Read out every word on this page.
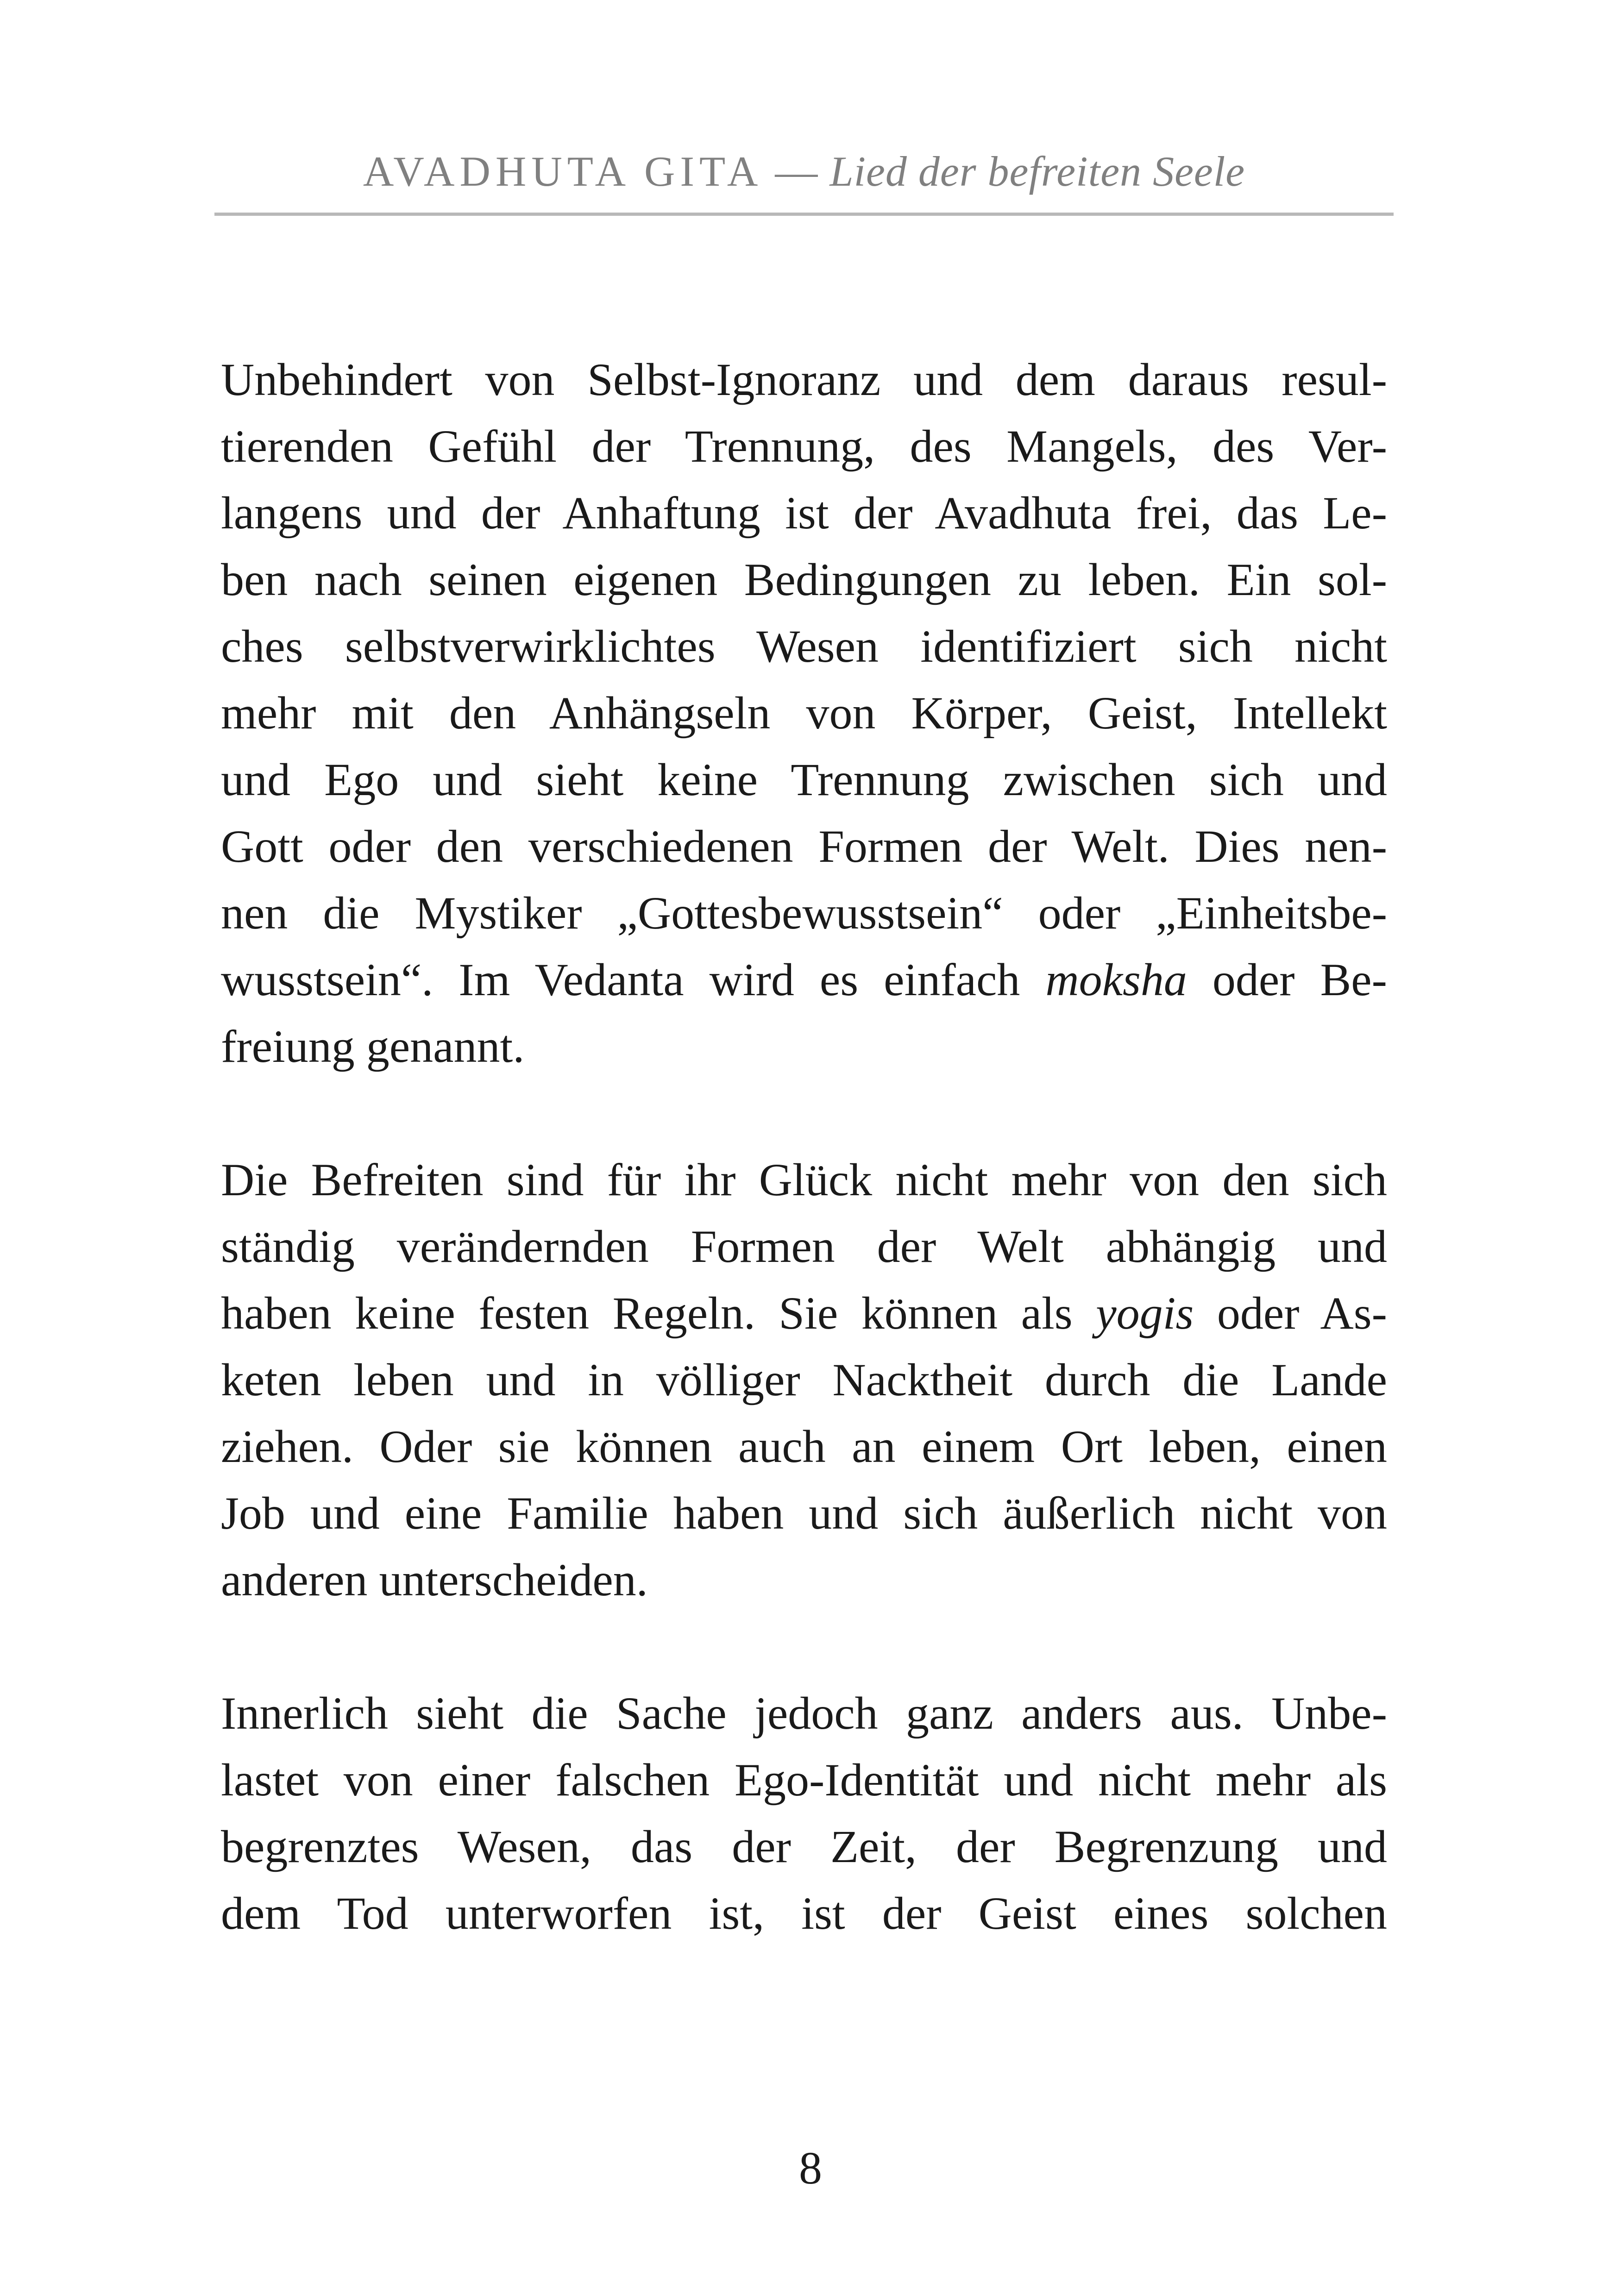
AVADHUTA GITA — Lied der befreiten Seele
Unbehindert von Selbst-Ignoranz und dem daraus resul-
tierenden Gefühl der Trennung, des Mangels, des Ver-
langens und der Anhaftung ist der Avadhuta frei, das Le-
ben nach seinen eigenen Bedingungen zu leben. Ein sol-
ches selbstverwirklichtes Wesen identifiziert sich nicht
mehr mit den Anhängseln von Körper, Geist, Intellekt
und Ego und sieht keine Trennung zwischen sich und
Gott oder den verschiedenen Formen der Welt. Dies nen-
nen die Mystiker „Gottesbewusstsein“ oder „Einheitsbe-
wusstsein“. Im Vedanta wird es einfach moksha oder Be-
freiung genannt.
Die Befreiten sind für ihr Glück nicht mehr von den sich
ständig verändernden Formen der Welt abhängig und
haben keine festen Regeln. Sie können als yogis oder As-
keten leben und in völliger Nacktheit durch die Lande
ziehen. Oder sie können auch an einem Ort leben, einen
Job und eine Familie haben und sich äußerlich nicht von
anderen unterscheiden.
Innerlich sieht die Sache jedoch ganz anders aus. Unbe-
lastet von einer falschen Ego-Identität und nicht mehr als
begrenztes Wesen, das der Zeit, der Begrenzung und
dem Tod unterworfen ist, ist der Geist eines solchen
8
